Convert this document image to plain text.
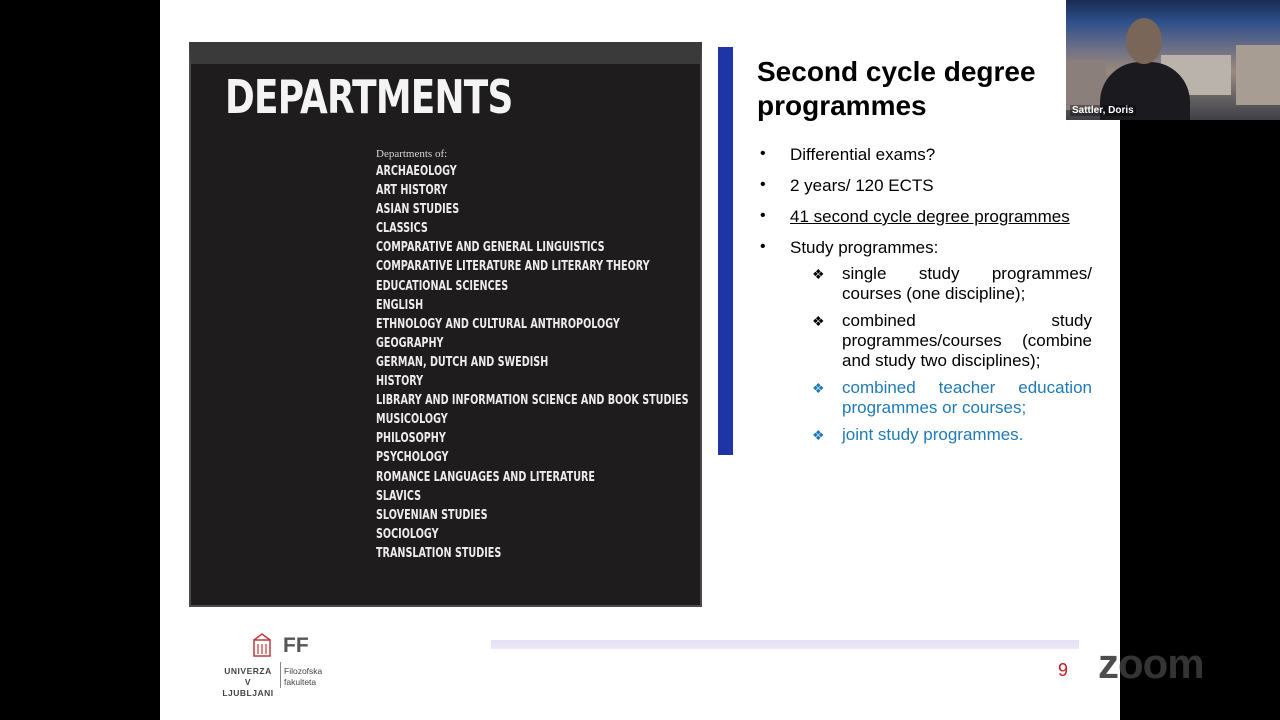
DEPARTMENTS
Departments of:
ARCHAEOLOGY
ART HISTORY
ASIAN STUDIES
CLASSICS
COMPARATIVE AND GENERAL LINGUISTICS
COMPARATIVE LITERATURE AND LITERARY THEORY
EDUCATIONAL SCIENCES
ENGLISH
ETHNOLOGY AND CULTURAL ANTHROPOLOGY
GEOGRAPHY
GERMAN, DUTCH AND SWEDISH
HISTORY
LIBRARY AND INFORMATION SCIENCE AND BOOK STUDIES
MUSICOLOGY
PHILOSOPHY
PSYCHOLOGY
ROMANCE LANGUAGES AND LITERATURE
SLAVICS
SLOVENIAN STUDIES
SOCIOLOGY
TRANSLATION STUDIES
Second cycle degree programmes
• Differential exams?
• 2 years/ 120 ECTS
• 41 second cycle degree programmes
• Study programmes:
❖ single study programmes/ courses (one discipline);
❖ combined study programmes/courses (combine and study two disciplines);
❖ combined teacher education programmes or courses;
❖ joint study programmes.
9
FF
UNIVERZA
V LJUBLJANI
Filozofska
fakulteta
Sattler, Doris
zoom
